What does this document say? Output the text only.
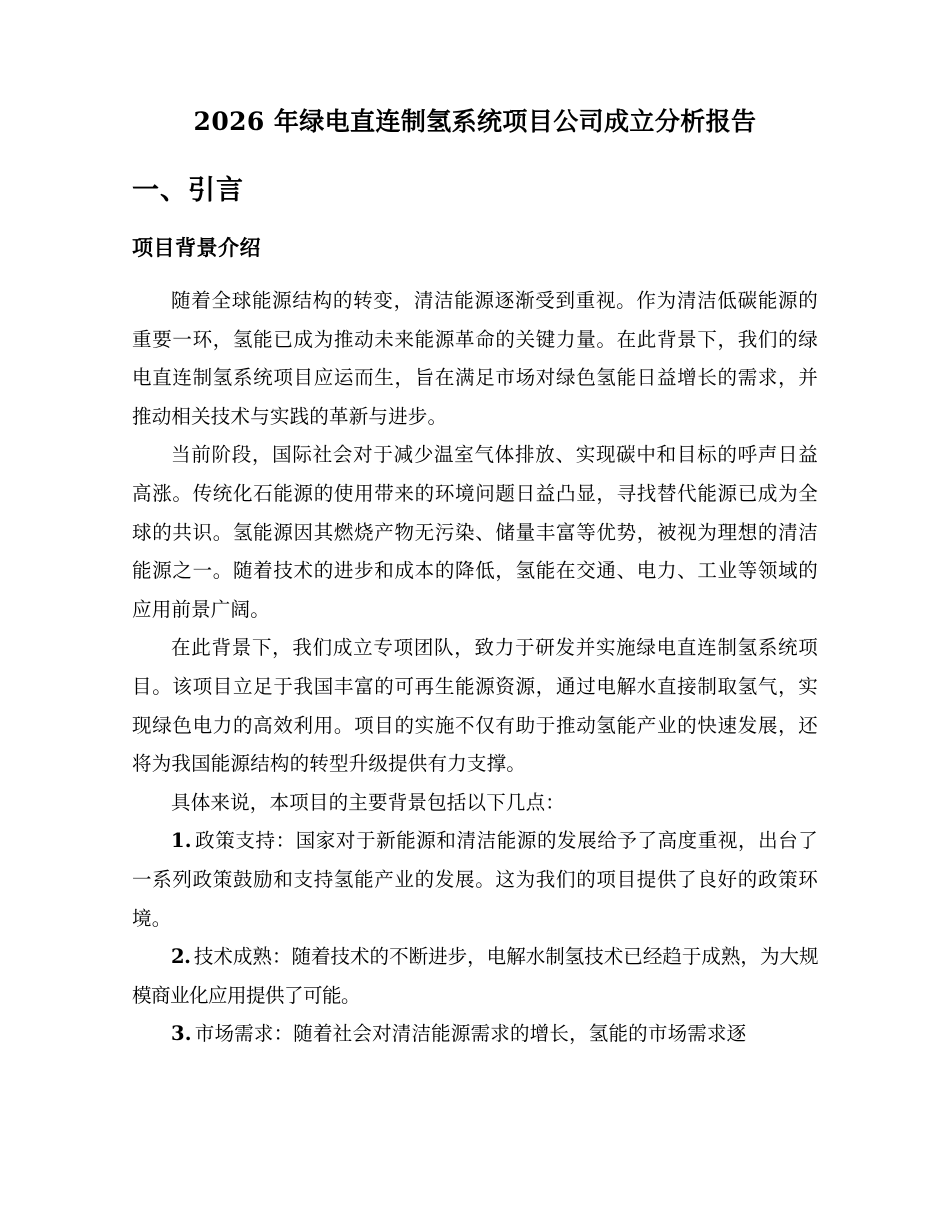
2026 年绿电直连制氢系统项目公司成立分析报告
一、引言
项目背景介绍

随着全球能源结构的转变，清洁能源逐渐受到重视。作为清洁低碳能源的重要一环，氢能已成为推动未来能源革命的关键力量。在此背景下，我们的绿电直连制氢系统项目应运而生，旨在满足市场对绿色氢能日益增长的需求，并推动相关技术与实践的革新与进步。

当前阶段，国际社会对于减少温室气体排放、实现碳中和目标的呼声日益高涨。传统化石能源的使用带来的环境问题日益凸显，寻找替代能源已成为全球的共识。氢能源因其燃烧产物无污染、储量丰富等优势，被视为理想的清洁能源之一。随着技术的进步和成本的降低，氢能在交通、电力、工业等领域的应用前景广阔。

在此背景下，我们成立专项团队，致力于研发并实施绿电直连制氢系统项目。该项目立足于我国丰富的可再生能源资源，通过电解水直接制取氢气，实现绿色电力的高效利用。项目的实施不仅有助于推动氢能产业的快速发展，还将为我国能源结构的转型升级提供有力支撑。

具体来说，本项目的主要背景包括以下几点：

1. 政策支持：国家对于新能源和清洁能源的发展给予了高度重视，出台了一系列政策鼓励和支持氢能产业的发展。这为我们的项目提供了良好的政策环境。

2. 技术成熟：随着技术的不断进步，电解水制氢技术已经趋于成熟，为大规模商业化应用提供了可能。

3. 市场需求：随着社会对清洁能源需求的增长，氢能的市场需求逐
